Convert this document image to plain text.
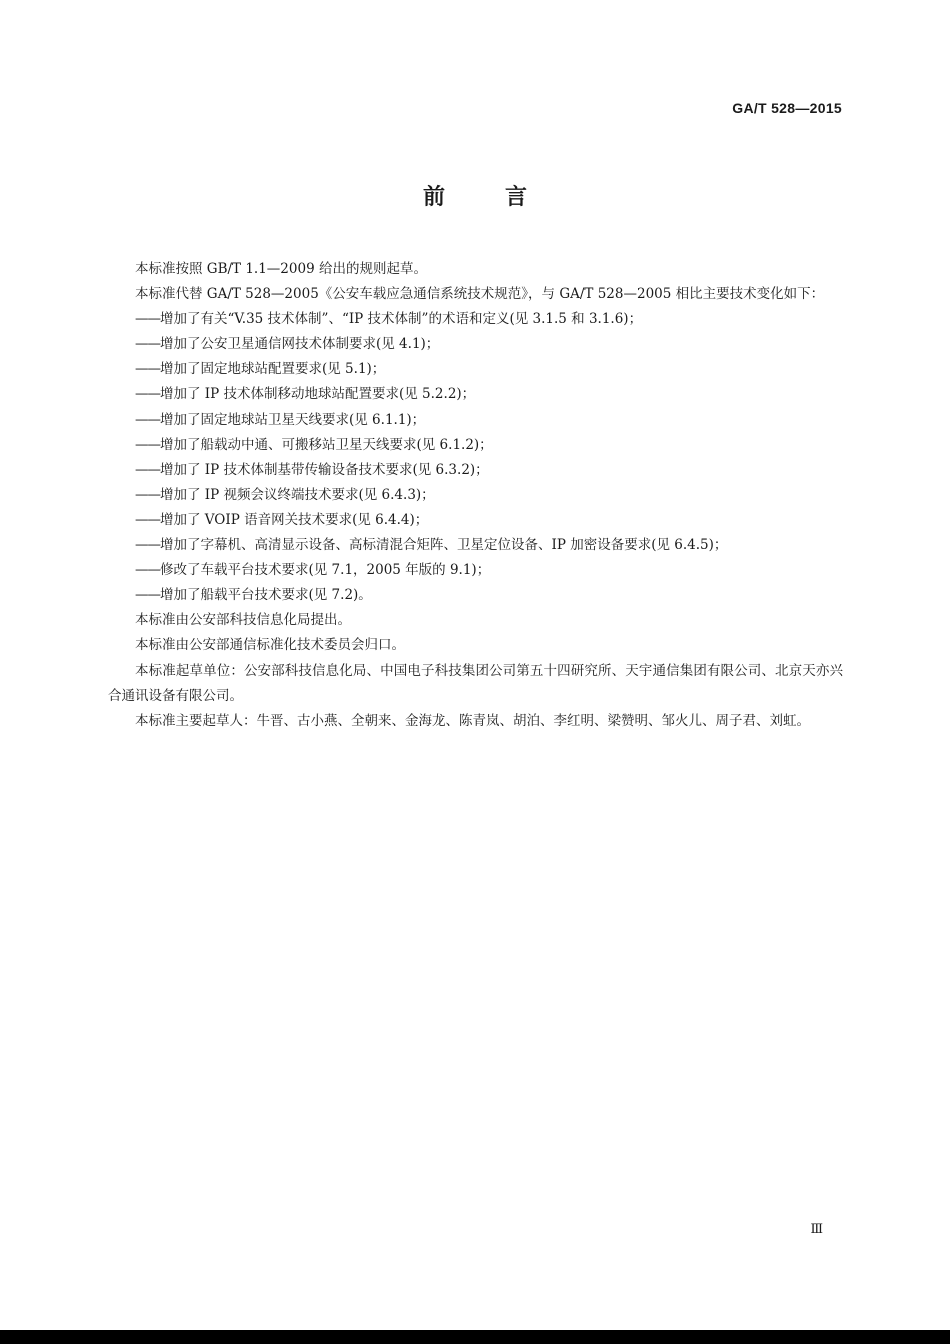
GA/T 528—2015
前言

本标准按照 GB/T 1.1—2009 给出的规则起草。

本标准代替 GA/T 528—2005《公安车载应急通信系统技术规范》，与 GA/T 528—2005 相比主要技术变化如下：

——增加了有关“V.35 技术体制”、“IP 技术体制”的术语和定义(见 3.1.5 和 3.1.6)；

——增加了公安卫星通信网技术体制要求(见 4.1)；

——增加了固定地球站配置要求(见 5.1)；

——增加了 IP 技术体制移动地球站配置要求(见 5.2.2)；

——增加了固定地球站卫星天线要求(见 6.1.1)；

——增加了船载动中通、可搬移站卫星天线要求(见 6.1.2)；

——增加了 IP 技术体制基带传输设备技术要求(见 6.3.2)；

——增加了 IP 视频会议终端技术要求(见 6.4.3)；

——增加了 VOIP 语音网关技术要求(见 6.4.4)；

——增加了字幕机、高清显示设备、高标清混合矩阵、卫星定位设备、IP 加密设备要求(见 6.4.5)；

——修改了车载平台技术要求(见 7.1，2005 年版的 9.1)；

——增加了船载平台技术要求(见 7.2)。

本标准由公安部科技信息化局提出。

本标准由公安部通信标准化技术委员会归口。

本标准起草单位：公安部科技信息化局、中国电子科技集团公司第五十四研究所、天宇通信集团有限公司、北京天亦兴合通讯设备有限公司。

本标准主要起草人：牛晋、古小燕、全朝来、金海龙、陈青岚、胡泊、李红明、梁赞明、邹火儿、周子君、刘虹。

Ⅲ
